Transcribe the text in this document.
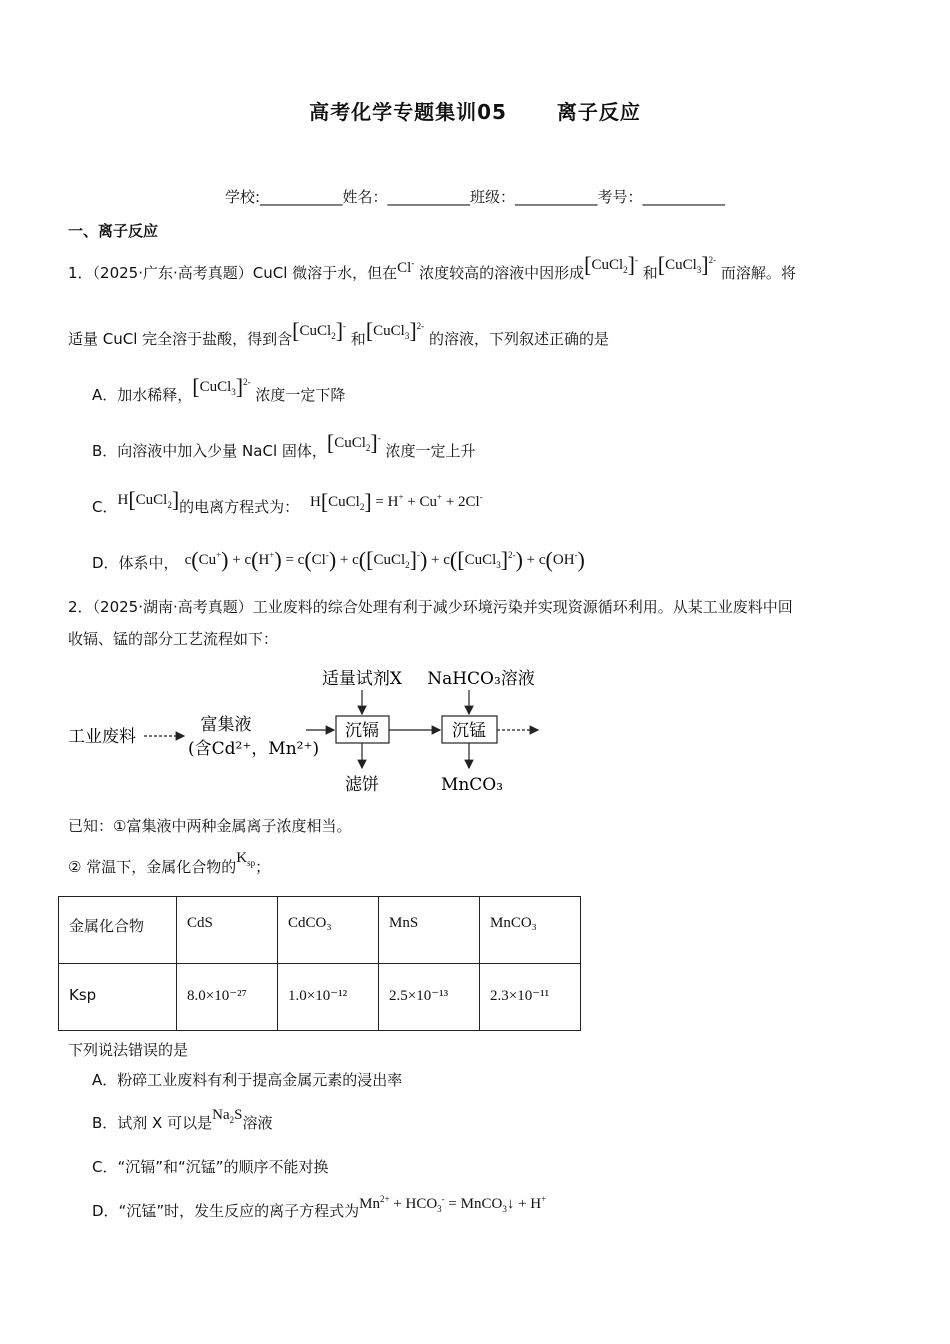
高考化学专题集训05	离子反应
学校:___________姓名：___________班级：___________考号：___________
一、离子反应
1．（2025·广东·高考真题）CuCl 微溶于水，但在Cl- 浓度较高的溶液中因形成[CuCl$_2$]- 和[CuCl$_3$]$^{2-}$ 而溶解。将
适量 CuCl 完全溶于盐酸，得到含[CuCl$_2$]- 和[CuCl$_3$]$^{2-}$ 的溶液，下列叙述正确的是
A．加水稀释，[CuCl$_3$]$^{2-}$ 浓度一定下降
B．向溶液中加入少量 NaCl 固体，[CuCl$_2$]- 浓度一定上升
C．H[CuCl$_2$]的电离方程式为： H[CuCl$_2$] = H+ + Cu+ + 2Cl-
D．体系中， c(Cu+) + c(H+) = c(Cl-) + c([CuCl$_2$]-) + c([CuCl$_3$]$^{2-}$) + c(OH-)
2．（2025·湖南·高考真题）工业废料的综合处理有利于减少环境污染并实现资源循环利用。从某工业废料中回
收镉、锰的部分工艺流程如下：
工业废料
富集液
(含Cd²⁺，Mn²⁺)
沉镉
适量试剂X
滤饼
沉锰
NaHCO₃溶液
MnCO₃
已知：①富集液中两种金属离子浓度相当。
② 常温下，金属化合物的$K_{sp}$；
金属化合物	CdS	CdCO₃	MnS	MnCO₃
Ksp	8.0×10⁻²⁷	1.0×10⁻¹²	2.5×10⁻¹³	2.3×10⁻¹¹
下列说法错误的是
A．粉碎工业废料有利于提高金属元素的浸出率
B．试剂 X 可以是$Na_2S$溶液
C．“沉镉”和“沉锰”的顺序不能对换
D．“沉锰”时，发生反应的离子方程式为$Mn^{2+} + HCO_3^-$ = MnCO$_3$↓ + H+
